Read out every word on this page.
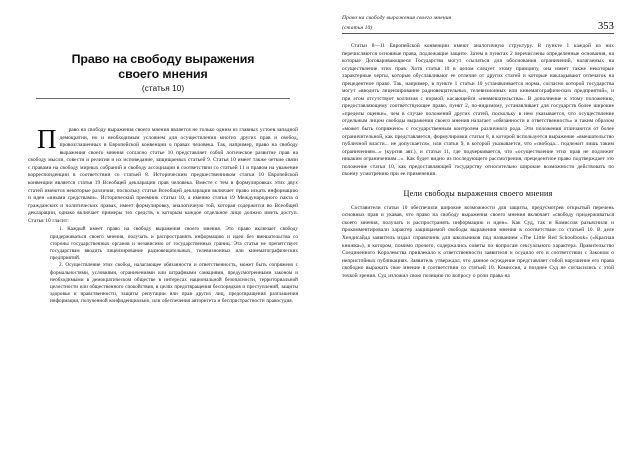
Право на свободу выражения
своего мнения
(статья 10)

П	раво на свободу выражения своего мнения является не только одним из главных устоев западной демократии, но и необходимым условием для осуществления многих других прав и свобод, провозглашенных в Европейской конвенции о правах человека. Так, например, право на свободу выражения своего мнения согласно статье 10 представляет собой логическое развитие прав на свободу мысли, совести и религии и их исповедание, защищаемых статьей 9. Статья 10 имеет также четкие связи с правами на свободу мирных собраний и свободу ассоциации в соответствии со статьей 11 и правом на уважение корреспонденции в соответствии со статьей 8. Историческим предшественником статьи 10 Европейской конвенции является статья 19 Всеобщей декларации прав человека. Вместе с тем в формулировках этих двух статей имеются некоторые различия, поскольку статья Всеобщей декларации включает право искать информацию и идеи «иными средствами». Исторический преемник статьи 10, а именно статья 19 Международного пакта о гражданских и политических правах, имеет формулировку, аналогичную той, которая содержится во Всеобщей декларации, однако включает примеры тех средств, к которым каждое отдельное лицо должно иметь доступ. Статья 10 гласит:

1. Каждый имеет право на свободу выражения своего мнения. Это право включает свободу придерживаться своего мнения, получать и распространять информацию и идеи без вмешательства со стороны государственных органов и независимо от государственных границ. Эта статья не препятствует государствам вводить лицензирование радиовещательных, телевизионных или кинематографических предприятий.

2. Осуществление этих свобод, налагающее обязанности и ответственность, может быть сопряжено с формальностями, условиями, ограничениями или штрафными санкциями, предусмотренными законом и необходимыми в демократическом обществе в интересах национальной безопасности, территориальной целостности или общественного спокойствия, в целях предотвращения беспорядков и преступлений, защиты здоровья и нравственности, защиты репутации или прав других лиц, предотвращения разглашения информации, полученной конфиденциально, или обеспечения авторитета и беспристрастности правосудия.

Право на свободу выражения своего мнения
(статья 10)	353

Статьи 8—11 Европейской конвенции имеют аналогичную структуру. В пункте 1 каждой из них перечисляются основные права, подлежащие защите. Затем в пунктах 2 перечислены определенные основания, на которые Договаривающиеся Государства могут ссылаться для обоснования ограничений, налагаемых на осуществление этих прав. Хотя статья 10 в целом следует этому принципу, она имеет также некоторые характерные черты, которые обуславливают ее отличие от других статей и которые накладывают отпечаток на прецедентное право. Так, например, в пункте 1 статьи 10 устанавливается норма, согласно которой государства могут «вводить лицензирование радиовещательных, телевизионных или кинематографических предприятий», и при этом отсутствует коллизия с нормой, касающейся «невмешательства». В дополнение к этому положению, предоставляющему соответствующее право, пункт 2, по-видимому, устанавливает для государств более широкие «пределы оценки», чем в случае положений других статей, поскольку в нем указывается, что осуществление отдельным лицом свободы выражения своего мнения налагает «обязанности и ответственность» и таким образом «может быть сопряжено» с государственным контролем различного рода. Эти положения отличаются от более ограничительной, как представляется, формулировки статьи 8, в которой используется выражение «вмешательство публичной власти... не допускается», или статьи 9, в которой указывается, что «свобода... подлежит лишь таким ограничениям...» (курсив авт.), и статьи 11, где подчеркивается, что «осуществление этих прав не подлежит никаким ограничениям...». Как будет видно из последующего рассмотрения, прецедентное право подтверждает это положение статьи 10, как предоставляющей государству относительно широкие возможности действовать по своему усмотрению при ее применении.

Цели свободы выражения своего мнения

Составители статьи 10 обеспечили широкие возможности для защиты, предусмотрев открытый перечень основных прав и укавав, что право на свободу выражения своего мнения включает «свободу придерживаться своего мнения, получать и распространять информацию и идеи». Как Суд, так и Комиссия разъяснили и прокомментировали характер защищаемой свободы выражения мнения в соответствии со статьей 10. В деле Хендисайда заявитель издал справочник для школьников под названием «The Little Red Schoolbook» («Красная книжка»), в котором, помимо прочего, содержались советы по вопросам сексуального характера. Правительство Соединенного Королевства привлекало к ответственности заявителя и осудило его в соответствии с Законом о непристойных публикациях. Заявитель утверждал, что данное осуждение представляет собой нарушение его права свободно выражать свое мнение в соответствии со статьей 10. Комиссия, а позднее Суд не согласились с этой точкой зрения. Суд изложил свою позицию по вопросу о роли права на
